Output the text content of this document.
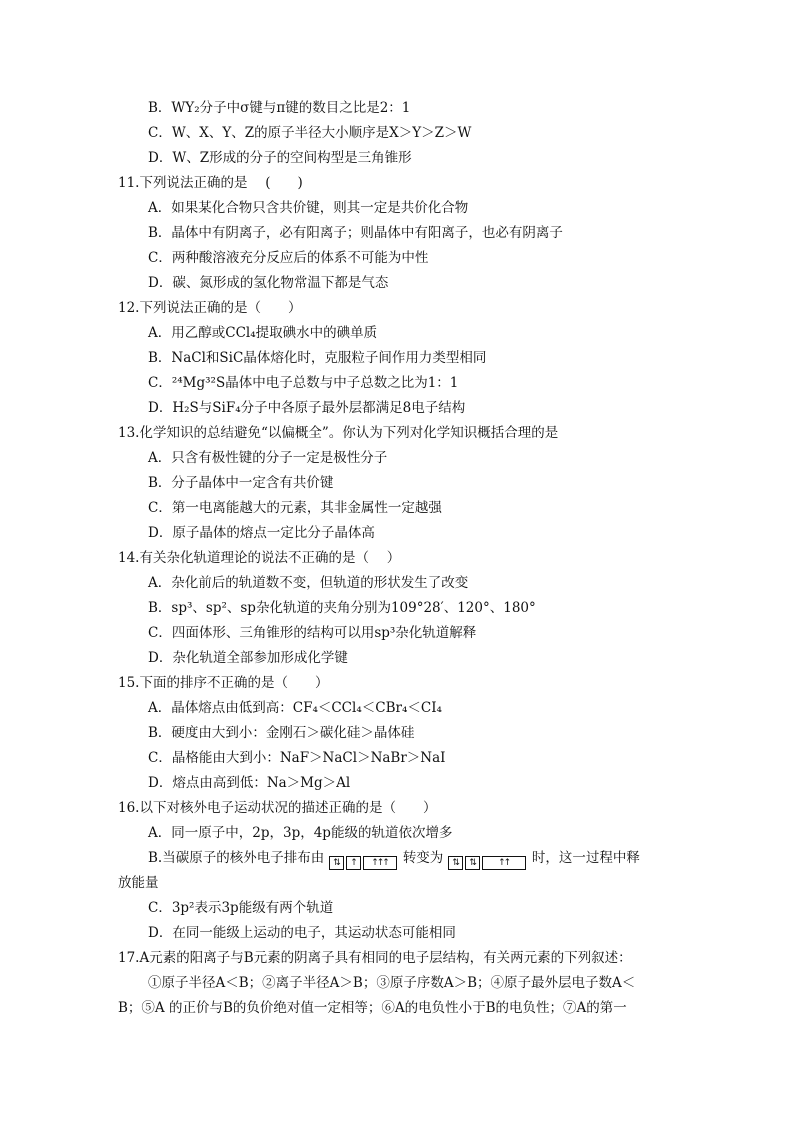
B．WY₂分子中σ键与π键的数目之比是2：1
C．W、X、Y、Z的原子半径大小顺序是X＞Y＞Z＞W
D．W、Z形成的分子的空间构型是三角锥形
11.下列说法正确的是　 (　　)
A．如果某化合物只含共价键，则其一定是共价化合物
B．晶体中有阴离子，必有阳离子；则晶体中有阳离子，也必有阴离子
C．两种酸溶液充分反应后的体系不可能为中性
D．碳、氮形成的氢化物常温下都是气态
12.下列说法正确的是（　　）
A．用乙醇或CCl₄提取碘水中的碘单质
B．NaCl和SiC晶体熔化时，克服粒子间作用力类型相同
C．²⁴Mg³²S晶体中电子总数与中子总数之比为1：1
D．H₂S与SiF₄分子中各原子最外层都满足8电子结构
13.化学知识的总结避免“以偏概全”。你认为下列对化学知识概括合理的是
A．只含有极性键的分子一定是极性分子
B．分子晶体中一定含有共价键
C．第一电离能越大的元素，其非金属性一定越强
D．原子晶体的熔点一定比分子晶体高
14.有关杂化轨道理论的说法不正确的是（　 ）
A．杂化前后的轨道数不变，但轨道的形状发生了改变
B．sp³、sp²、sp杂化轨道的夹角分别为109°28′、120°、180°
C．四面体形、三角锥形的结构可以用sp³杂化轨道解释
D．杂化轨道全部参加形成化学键
15.下面的排序不正确的是（　　）
A．晶体熔点由低到高：CF₄＜CCl₄＜CBr₄＜CI₄
B．硬度由大到小：金刚石＞碳化硅＞晶体硅
C．晶格能由大到小：NaF＞NaCl＞NaBr＞NaI
D．熔点由高到低：Na＞Mg＞Al
16.以下对核外电子运动状况的描述正确的是（　　）
A．同一原子中，2p，3p，4p能级的轨道依次增多
B.当碳原子的核外电子排布由	⇅	↑	↑↑↑	转变为	⇅	⇅	↑↑	时，这一过程中释
放能量
C．3p²表示3p能级有两个轨道
D．在同一能级上运动的电子，其运动状态可能相同
17.A元素的阳离子与B元素的阴离子具有相同的电子层结构，有关两元素的下列叙述：
①原子半径A＜B；②离子半径A＞B；③原子序数A＞B；④原子最外层电子数A＜
B；⑤A 的正价与B的负价绝对值一定相等；⑥A的电负性小于B的电负性；⑦A的第一
